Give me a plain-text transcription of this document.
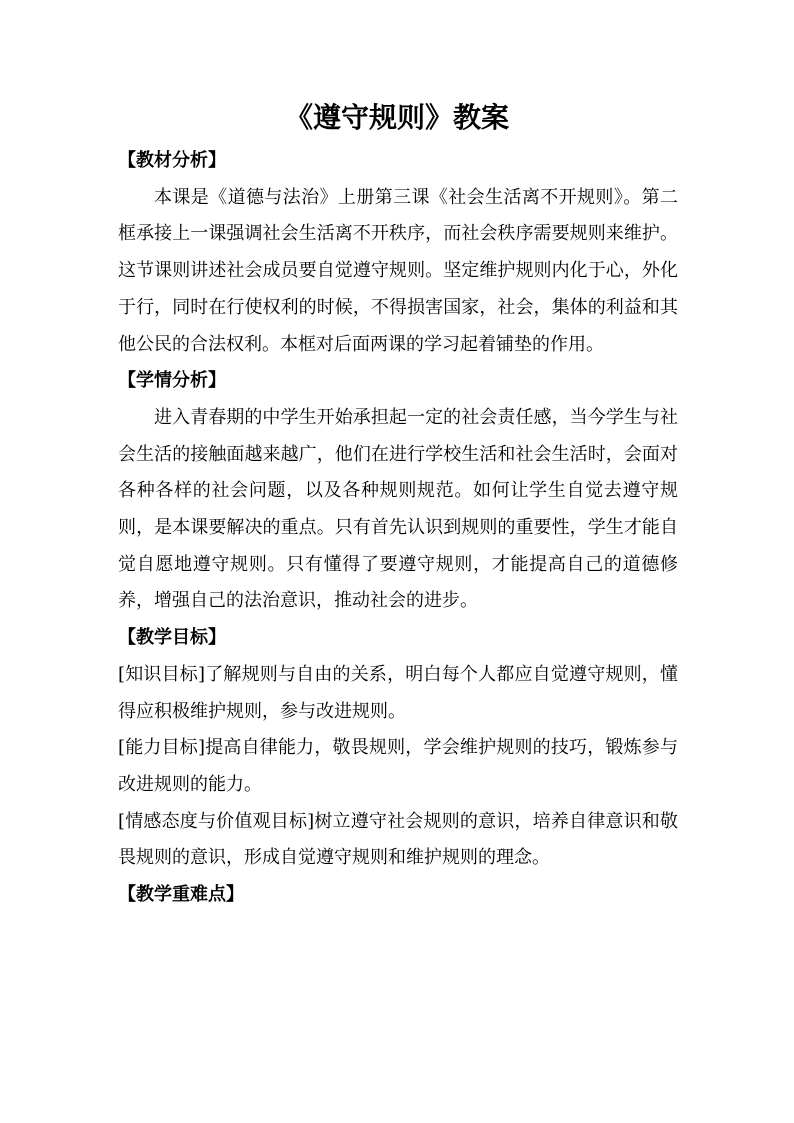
《遵守规则》教案

【教材分析】

本课是《道德与法治》上册第三课《社会生活离不开规则》。第二框承接上一课强调社会生活离不开秩序，而社会秩序需要规则来维护。这节课则讲述社会成员要自觉遵守规则。坚定维护规则内化于心，外化于行，同时在行使权利的时候，不得损害国家，社会，集体的利益和其他公民的合法权利。本框对后面两课的学习起着铺垫的作用。

【学情分析】

进入青春期的中学生开始承担起一定的社会责任感，当今学生与社会生活的接触面越来越广，他们在进行学校生活和社会生活时，会面对各种各样的社会问题，以及各种规则规范。如何让学生自觉去遵守规则，是本课要解决的重点。只有首先认识到规则的重要性，学生才能自觉自愿地遵守规则。只有懂得了要遵守规则，才能提高自己的道德修养，增强自己的法治意识，推动社会的进步。

【教学目标】

[知识目标]了解规则与自由的关系，明白每个人都应自觉遵守规则，懂得应积极维护规则，参与改进规则。

[能力目标]提高自律能力，敬畏规则，学会维护规则的技巧，锻炼参与改进规则的能力。

[情感态度与价值观目标]树立遵守社会规则的意识，培养自律意识和敬畏规则的意识，形成自觉遵守规则和维护规则的理念。

【教学重难点】
